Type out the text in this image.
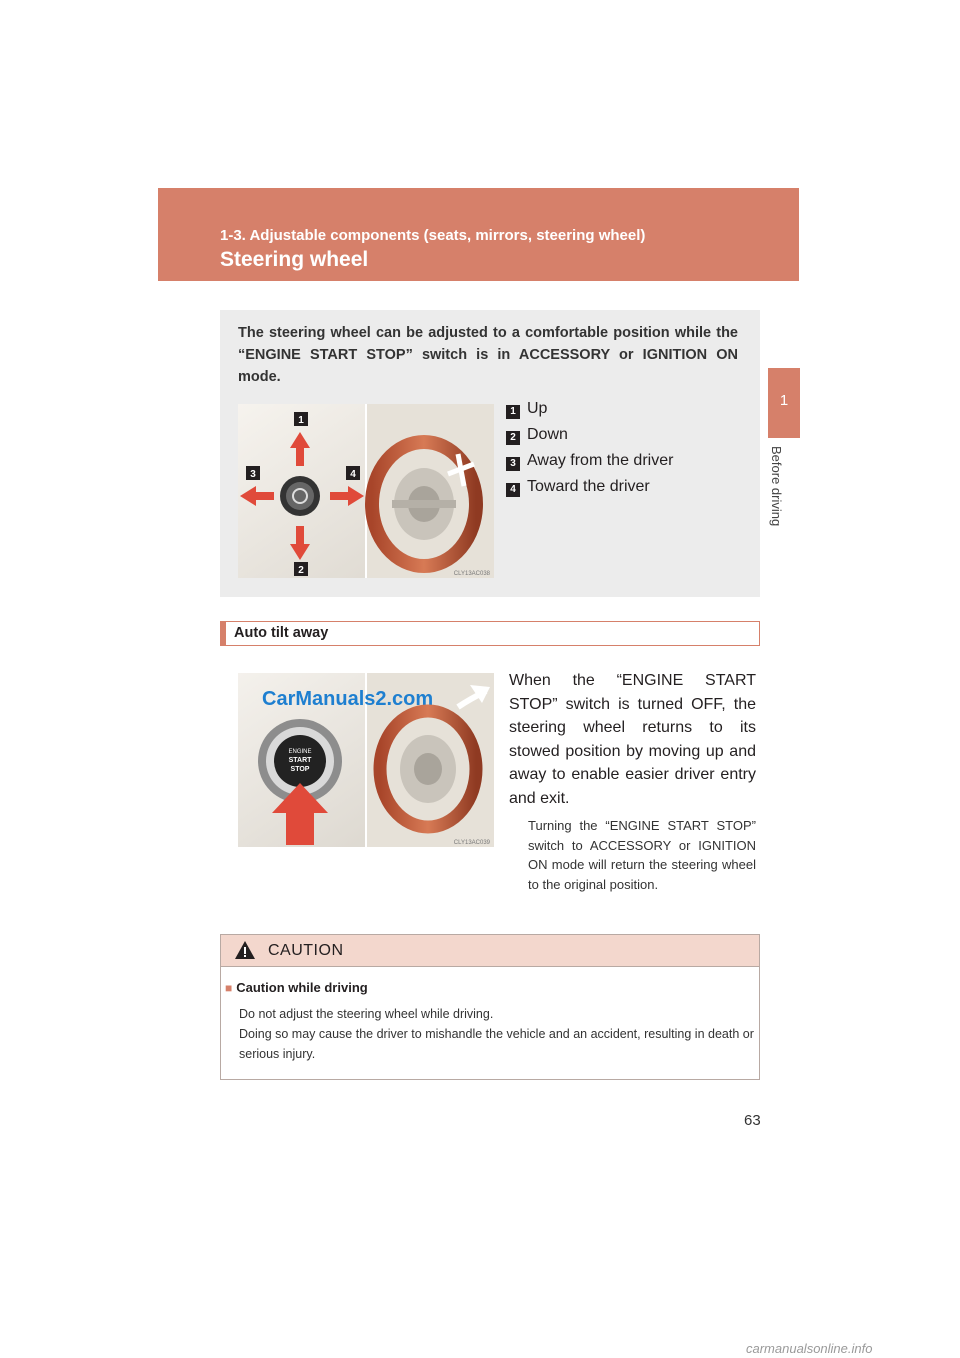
1-3. Adjustable components (seats, mirrors, steering wheel)
Steering wheel
1
Before driving
The steering wheel can be adjusted to a comfortable position while the “ENGINE START STOP” switch is in ACCESSORY or IGNITION ON mode.
1
2
3	4
CLY13AC038
1 Up
2 Down
3 Away from the driver
4 Toward the driver
Auto tilt away
ENGINE
START
STOP
CarManuals2.com
CLY13AC039
When the “ENGINE START STOP” switch is turned OFF, the steering wheel returns to its stowed position by moving up and away to enable easier driver entry and exit.
Turning the “ENGINE START STOP” switch to ACCESSORY or IGNITION ON mode will return the steering wheel to the original position.
CAUTION
■ Caution while driving
Do not adjust the steering wheel while driving.
Doing so may cause the driver to mishandle the vehicle and an accident, resulting in death or serious injury.
63
carmanualsonline.info
